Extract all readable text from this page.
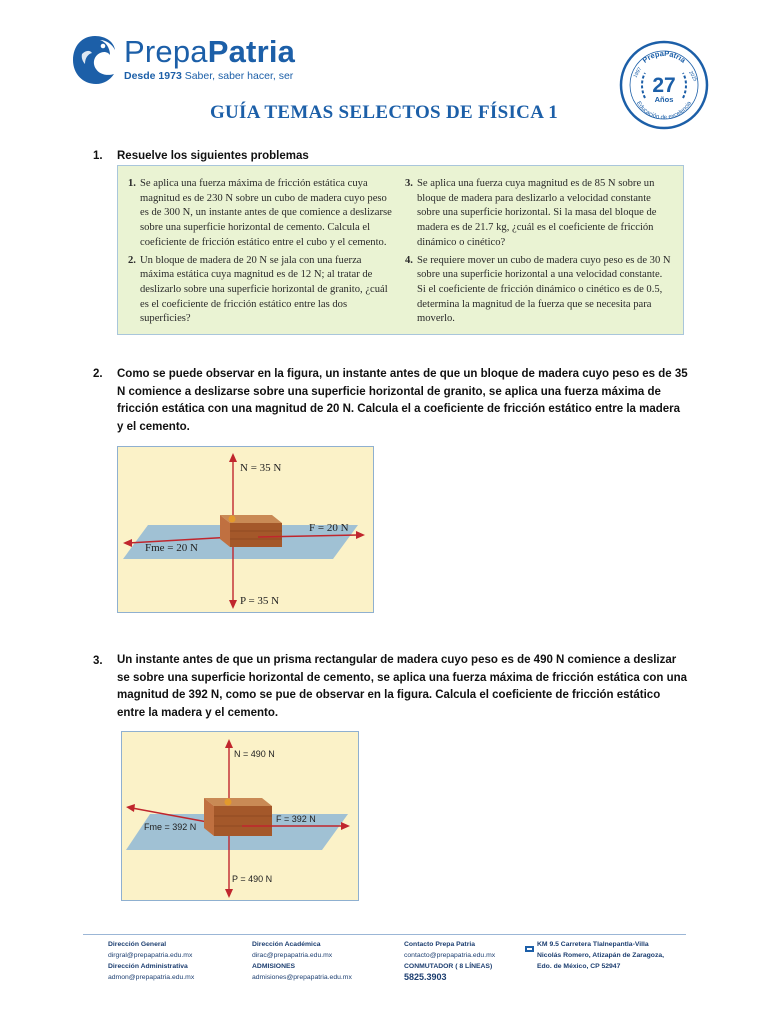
PrepaPatria
Desde 1973 Saber, saber hacer, ser
PrepaPatria
Educación de excelencia
1997	2025
27
Años
GUÍA TEMAS SELECTOS DE FÍSICA 1
1. Resuelve los siguientes problemas

1. Se aplica una fuerza máxima de fricción estática cuya magnitud es de 230 N sobre un cubo de madera cuyo peso es de 300 N, un instante antes de que comience a deslizarse sobre una superficie horizontal de cemento. Calcula el coeficiente de fricción estático entre el cubo y el cemento.

2. Un bloque de madera de 20 N se jala con una fuerza máxima estática cuya magnitud es de 12 N; al tratar de deslizarlo sobre una superficie horizontal de granito, ¿cuál es el coeficiente de fricción estático entre las dos superficies?

3. Se aplica una fuerza cuya magnitud es de 85 N sobre un bloque de madera para deslizarlo a velocidad constante sobre una superficie horizontal. Si la masa del bloque de madera es de 21.7 kg, ¿cuál es el coeficiente de fricción dinámico o cinético?

4. Se requiere mover un cubo de madera cuyo peso es de 30 N sobre una superficie horizontal a una velocidad constante. Si el coeficiente de fricción dinámico o cinético es de 0.5, determina la magnitud de la fuerza que se necesita para moverlo.

2. Como se puede observar en la figura, un instante antes de que un bloque de madera cuyo peso es de 35
N comience a deslizarse sobre una superficie horizontal de granito, se aplica una fuerza máxima de
fricción estática con una magnitud de 20 N. Calcula el a coeficiente de fricción estático entre la madera
y el cemento.
N = 35 N
F = 20 N
Fme = 20 N
P = 35 N
3. Un instante antes de que un prisma rectangular de madera cuyo peso es de 490 N comience a deslizar
se sobre una superficie horizontal de cemento, se aplica una fuerza máxima de fricción estática con una
magnitud de 392 N, como se pue de observar en la figura. Calcula el coeficiente de fricción estático
entre la madera y el cemento.
N = 490 N
F = 392 N
Fme = 392 N
P = 490 N
Dirección General
dirgral@prepapatria.edu.mx
Dirección Administrativa
admon@prepapatria.edu.mx
Dirección Académica
dirac@prepapatria.edu.mx
ADMISIONES
admisiones@prepapatria.edu.mx
Contacto Prepa Patria
contacto@prepapatria.edu.mx
CONMUTADOR ( 8 LÍNEAS)
5825.3903
KM 9.5 Carretera Tlalnepantla-Villa
Nicolás Romero, Atizapán de Zaragoza,
Edo. de México, CP 52947
